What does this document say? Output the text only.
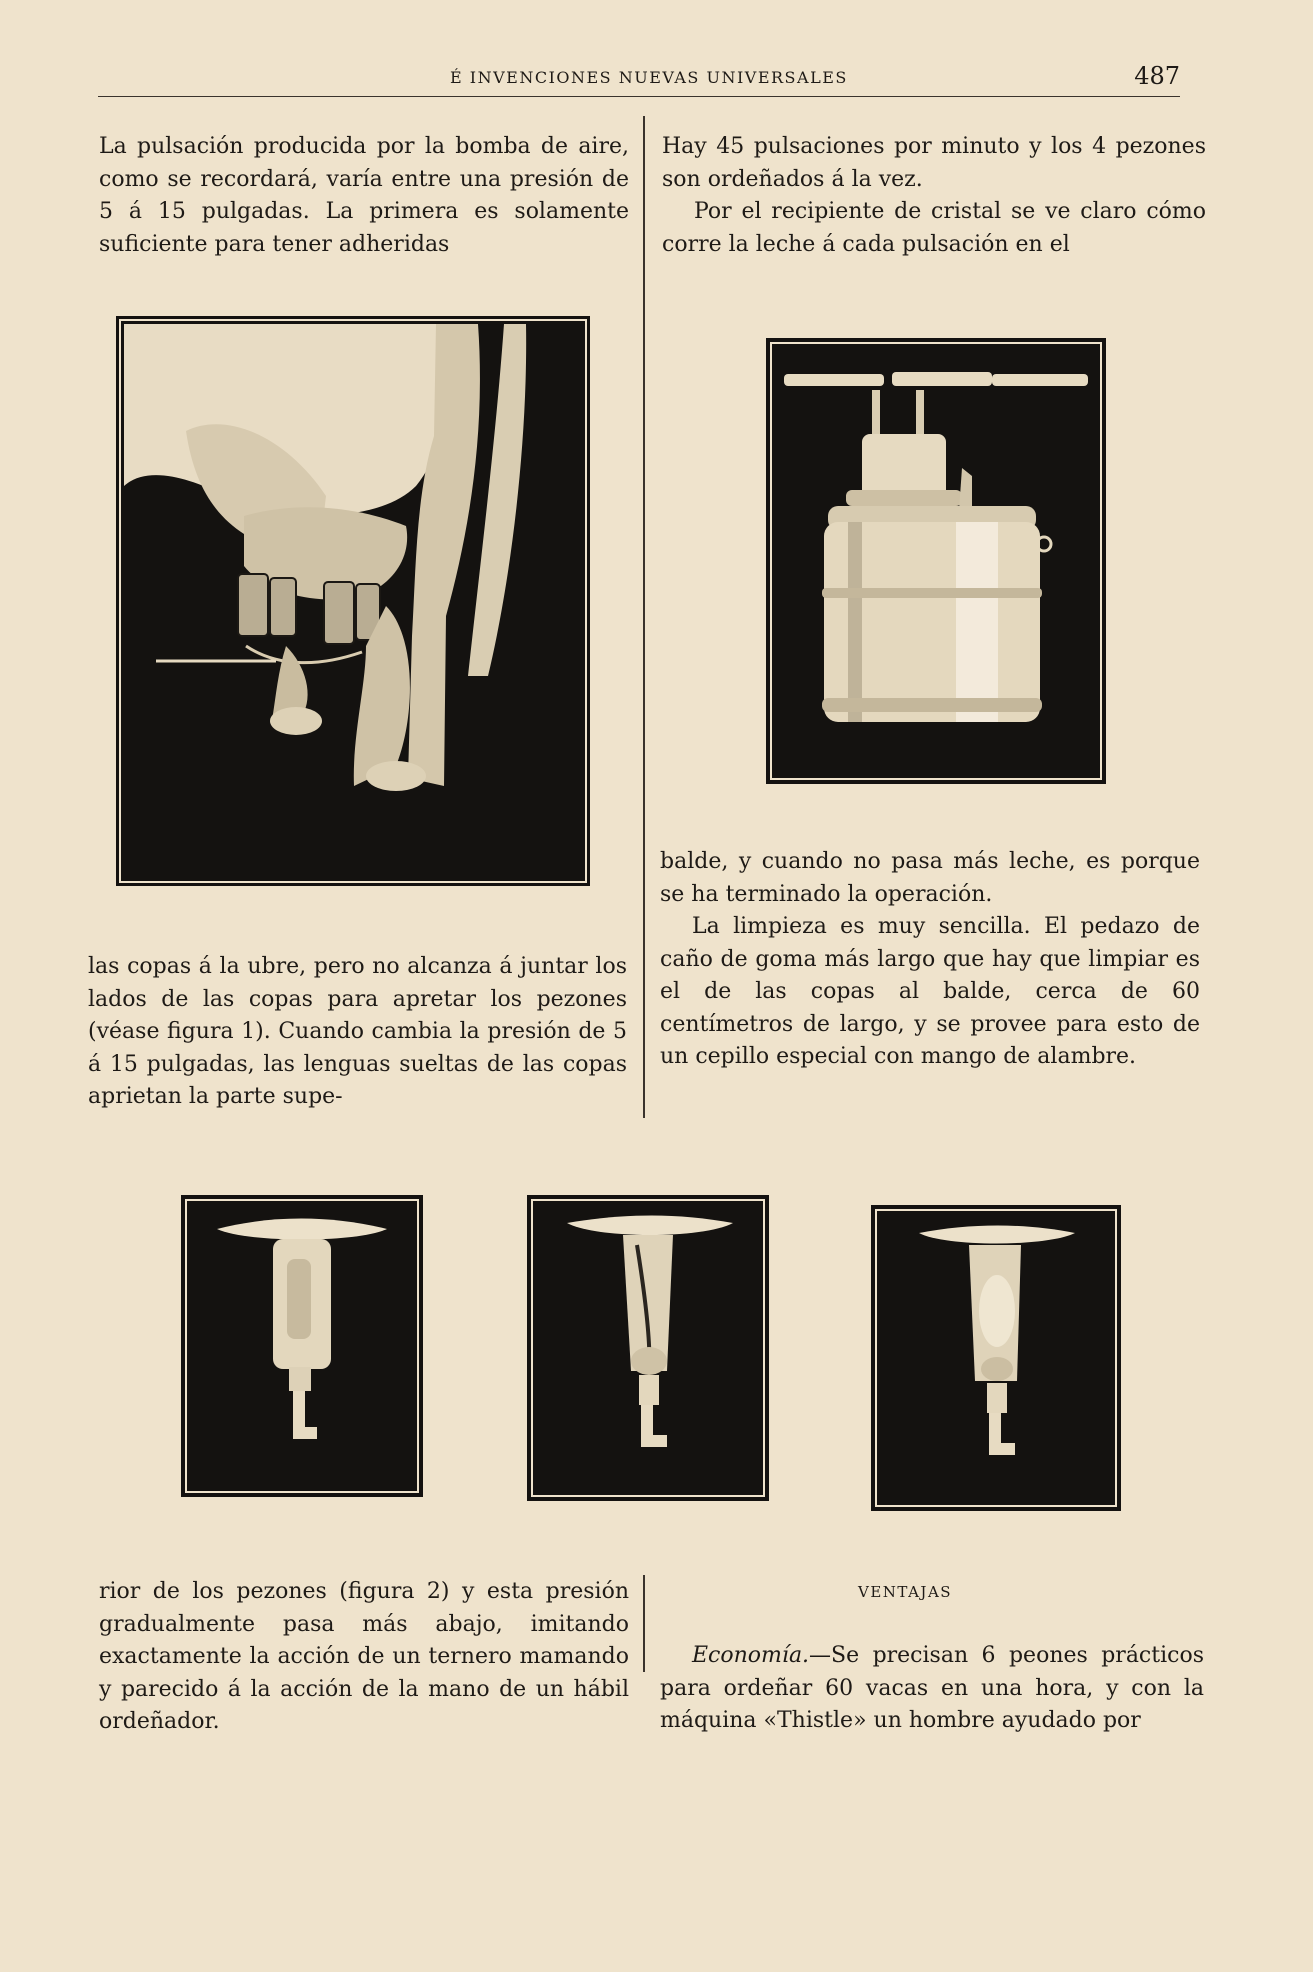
É INVENCIONES NUEVAS UNIVERSALES	487

La pulsación producida por la bomba de aire, como se recordará, varía entre una presión de 5 á 15 pulgadas. La primera es solamente suficiente para tener adheridas

las copas á la ubre, pero no alcanza á juntar los lados de las copas para apretar los pezones (véase figura 1). Cuando cambia la presión de 5 á 15 pulgadas, las lenguas sueltas de las copas aprietan la parte supe-

rior de los pezones (figura 2) y esta presión gradualmente pasa más abajo, imitando exactamente la acción de un ternero mamando y parecido á la acción de la mano de un hábil ordeñador.

Hay 45 pulsaciones por minuto y los 4 pezones son ordeñados á la vez.

Por el recipiente de cristal se ve claro cómo corre la leche á cada pulsación en el

balde, y cuando no pasa más leche, es porque se ha terminado la operación.

La limpieza es muy sencilla. El pedazo de caño de goma más largo que hay que limpiar es el de las copas al balde, cerca de 60 centímetros de largo, y se provee para esto de un cepillo especial con mango de alambre.

VENTAJAS

Economía.—Se precisan 6 peones prácticos para ordeñar 60 vacas en una hora, y con la máquina «Thistle» un hombre ayudado por
